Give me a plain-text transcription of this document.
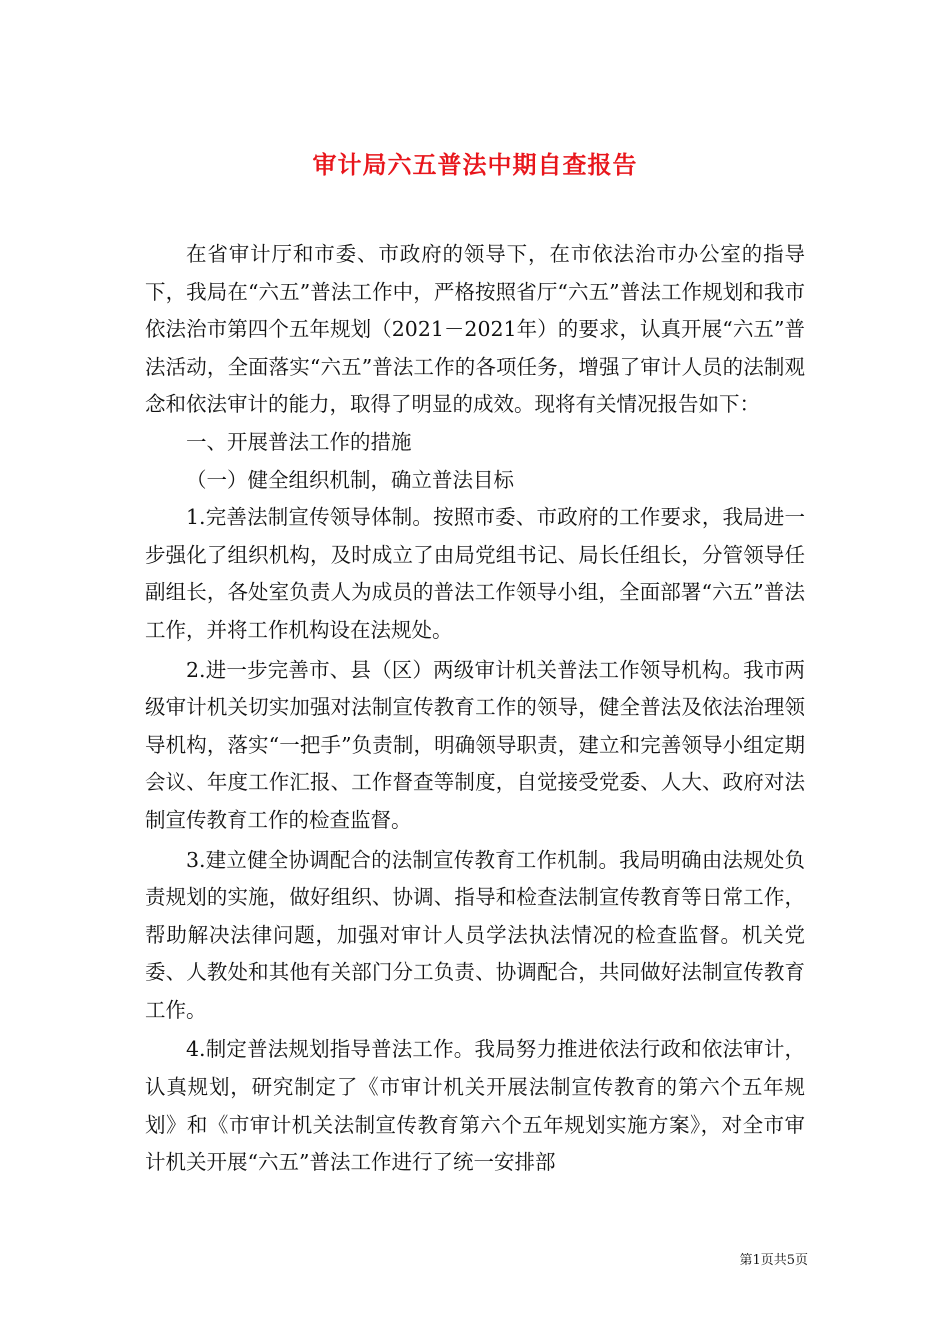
审计局六五普法中期自查报告

在省审计厅和市委、市政府的领导下，在市依法治市办公室的指导下，我局在“六五”普法工作中，严格按照省厅“六五”普法工作规划和我市依法治市第四个五年规划（2021－2021年）的要求，认真开展“六五”普法活动，全面落实“六五”普法工作的各项任务，增强了审计人员的法制观念和依法审计的能力，取得了明显的成效。现将有关情况报告如下：

一、开展普法工作的措施

（一）健全组织机制，确立普法目标

1.完善法制宣传领导体制。按照市委、市政府的工作要求，我局进一步强化了组织机构，及时成立了由局党组书记、局长任组长，分管领导任副组长，各处室负责人为成员的普法工作领导小组，全面部署“六五”普法工作，并将工作机构设在法规处。

2.进一步完善市、县（区）两级审计机关普法工作领导机构。我市两级审计机关切实加强对法制宣传教育工作的领导，健全普法及依法治理领导机构，落实“一把手”负责制，明确领导职责，建立和完善领导小组定期会议、年度工作汇报、工作督查等制度，自觉接受党委、人大、政府对法制宣传教育工作的检查监督。

3.建立健全协调配合的法制宣传教育工作机制。我局明确由法规处负责规划的实施，做好组织、协调、指导和检查法制宣传教育等日常工作，帮助解决法律问题，加强对审计人员学法执法情况的检查监督。机关党委、人教处和其他有关部门分工负责、协调配合，共同做好法制宣传教育工作。

4.制定普法规划指导普法工作。我局努力推进依法行政和依法审计，认真规划，研究制定了《市审计机关开展法制宣传教育的第六个五年规划》和《市审计机关法制宣传教育第六个五年规划实施方案》，对全市审计机关开展“六五”普法工作进行了统一安排部

第1页共5页
